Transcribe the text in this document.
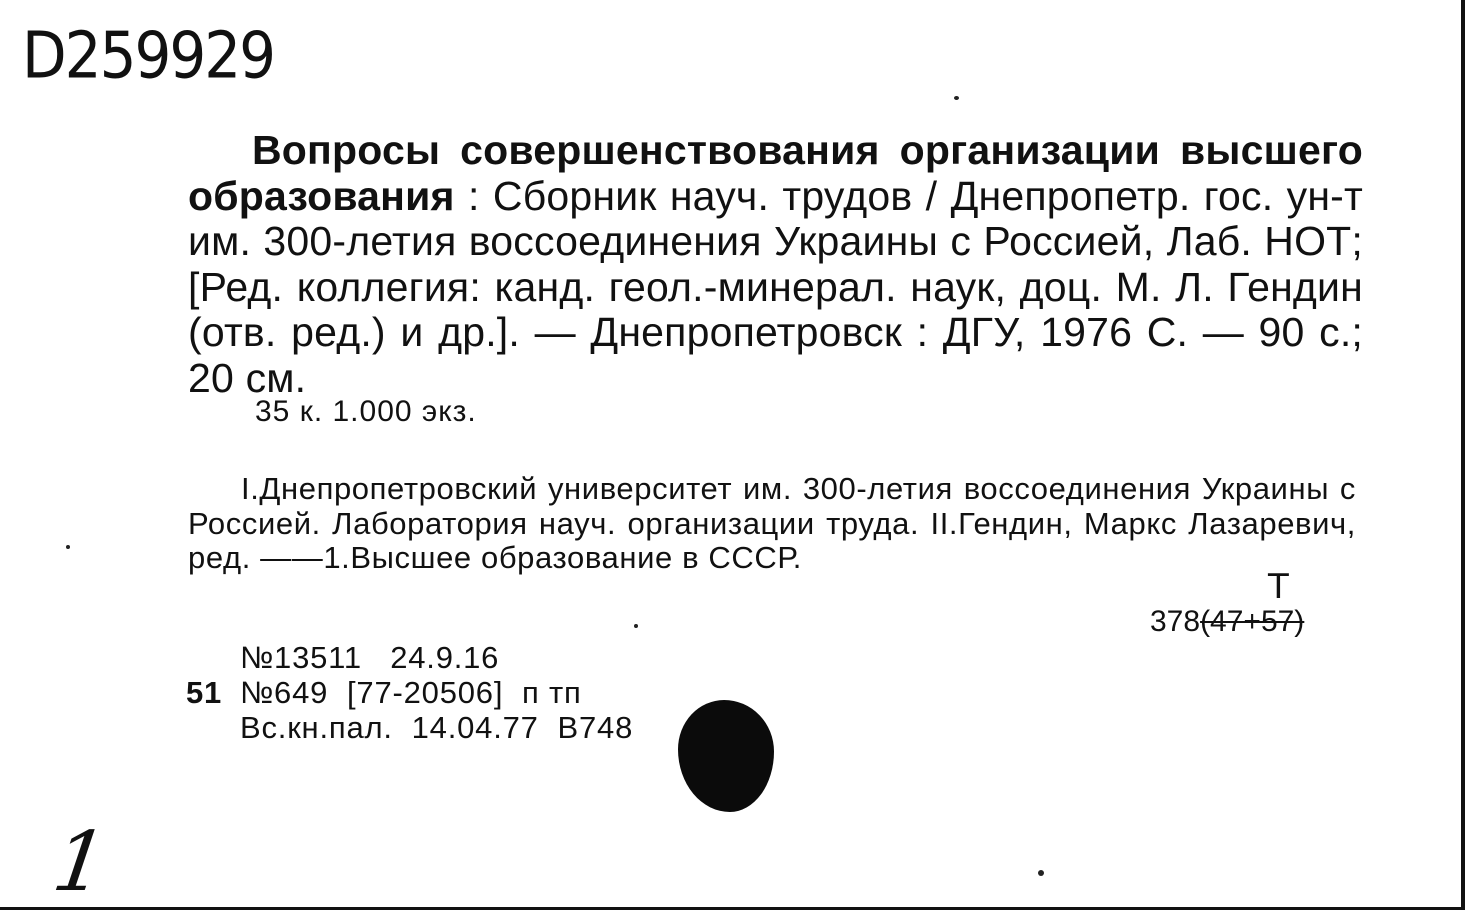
D259929
Вопросы совершенствования организации высшего образования : Сборник науч. трудов / Днепропетр. гос. ун-т им. 300-летия воссоединения Украины с Россией, Лаб. НОТ; [Ред. коллегия: канд. геол.-минерал. наук, доц. М. Л. Гендин (отв. ред.) и др.]. — Днепропетровск : ДГУ, 1976 С. — 90 с.; 20 см.
35 к. 1.000 экз.
I.Днепропетровский университет им. 300-летия воссоединения Украины с Россией. Лаборатория науч. организации труда. II.Гендин, Маркс Лазаревич, ред. ——1.Высшее образование в СССР.
Т
378(47+57)
№13511   24.9.16
51 №649  [77-20506]  п тп
Вс.кн.пал.  14.04.77  В748
1
